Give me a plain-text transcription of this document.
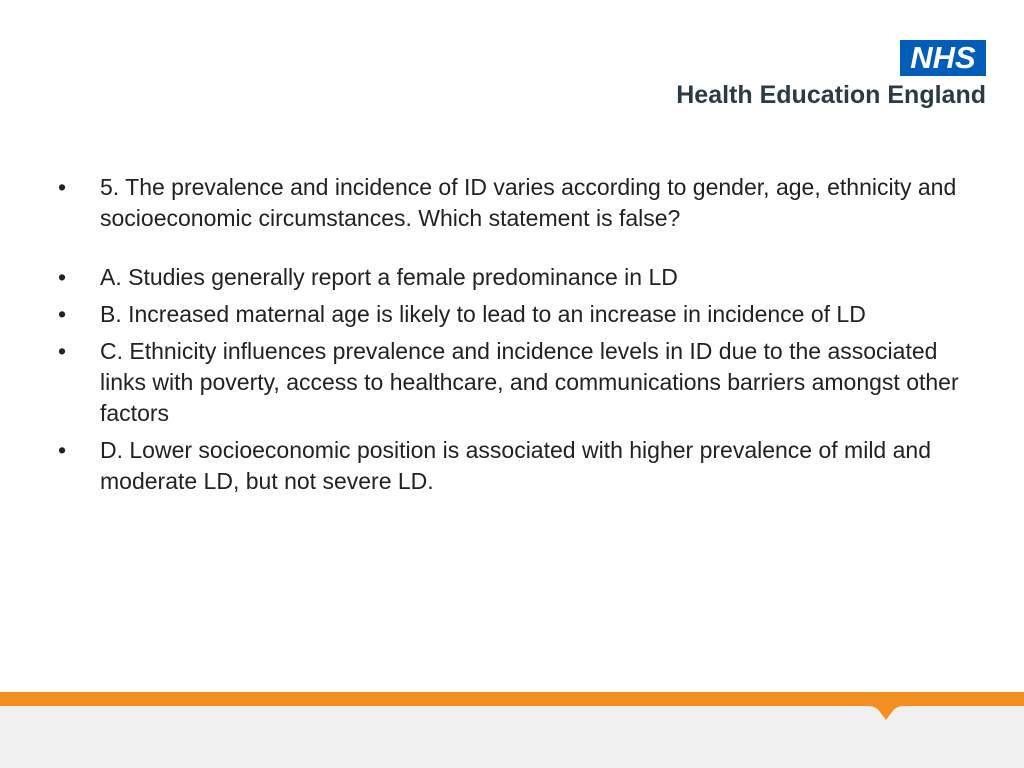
NHS
Health Education England

•	5. The prevalence and incidence of ID varies according to gender, age, ethnicity and socioeconomic circumstances. Which statement is false?

•	A. Studies generally report a female predominance in LD
•	B. Increased maternal age is likely to lead to an increase in incidence of LD
•	C. Ethnicity influences prevalence and incidence levels in ID due to the associated links with poverty, access to healthcare, and communications barriers amongst other factors
•	D. Lower socioeconomic position is associated with higher prevalence of mild and moderate LD, but not severe LD.
